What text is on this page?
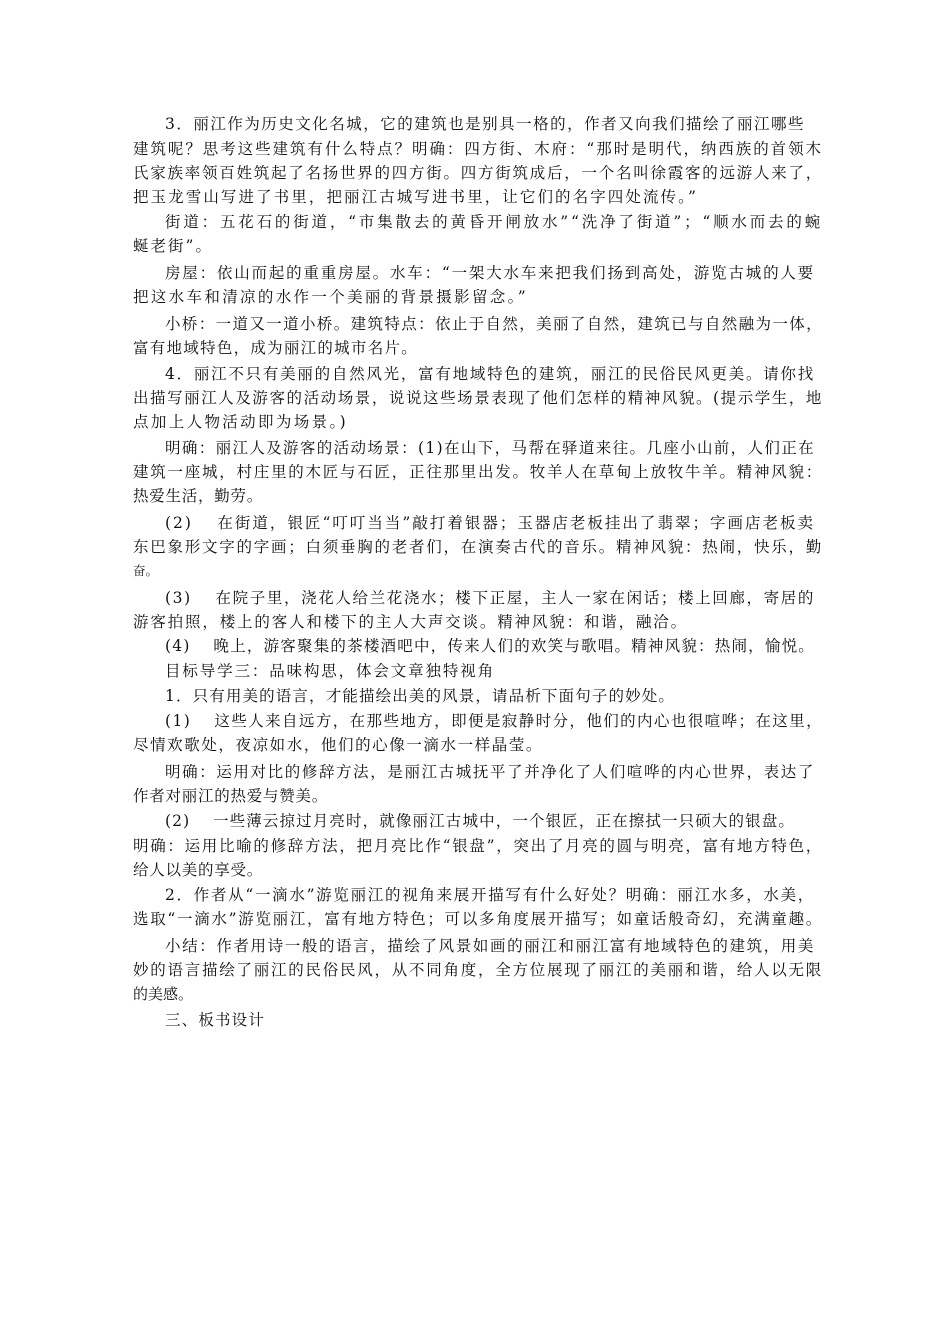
3．丽江作为历史文化名城，它的建筑也是别具一格的，作者又向我们描绘了丽江哪些

建筑呢？思考这些建筑有什么特点？明确：四方街、木府：“那时是明代，纳西族的首领木

氏家族率领百姓筑起了名扬世界的四方街。四方街筑成后，一个名叫徐霞客的远游人来了，

把玉龙雪山写进了书里，把丽江古城写进书里，让它们的名字四处流传。”

街道：五花石的街道，“市集散去的黄昏开闸放水”“洗净了街道”；“顺水而去的蜿

蜒老街”。

房屋：依山而起的重重房屋。水车：“一架大水车来把我们扬到高处，游览古城的人要

把这水车和清凉的水作一个美丽的背景摄影留念。”

小桥：一道又一道小桥。建筑特点：依止于自然，美丽了自然，建筑已与自然融为一体，

富有地域特色，成为丽江的城市名片。

4．丽江不只有美丽的自然风光，富有地域特色的建筑，丽江的民俗民风更美。请你找

出描写丽江人及游客的活动场景，说说这些场景表现了他们怎样的精神风貌。(提示学生，地

点加上人物活动即为场景。)

明确：丽江人及游客的活动场景：(1)在山下，马帮在驿道来往。几座小山前，人们正在

建筑一座城，村庄里的木匠与石匠，正往那里出发。牧羊人在草甸上放牧牛羊。精神风貌：

热爱生活，勤劳。

(2)　 在街道，银匠“叮叮当当”敲打着银器；玉器店老板挂出了翡翠；字画店老板卖

东巴象形文字的字画；白须垂胸的老者们，在演奏古代的音乐。精神风貌：热闹，快乐，勤

奋。

(3)　 在院子里，浇花人给兰花浇水；楼下正屋，主人一家在闲话；楼上回廊，寄居的

游客拍照，楼上的客人和楼下的主人大声交谈。精神风貌：和谐，融洽。

(4)　 晚上，游客聚集的茶楼酒吧中，传来人们的欢笑与歌唱。精神风貌：热闹，愉悦。

目标导学三：品味构思，体会文章独特视角

1．只有用美的语言，才能描绘出美的风景，请品析下面句子的妙处。

(1)　 这些人来自远方，在那些地方，即便是寂静时分，他们的内心也很喧哗；在这里，

尽情欢歌处，夜凉如水，他们的心像一滴水一样晶莹。

明确：运用对比的修辞方法，是丽江古城抚平了并净化了人们喧哗的内心世界，表达了

作者对丽江的热爱与赞美。

(2)　 一些薄云掠过月亮时，就像丽江古城中，一个银匠，正在擦拭一只硕大的银盘。

明确：运用比喻的修辞方法，把月亮比作“银盘”，突出了月亮的圆与明亮，富有地方特色，

给人以美的享受。

2．作者从“一滴水”游览丽江的视角来展开描写有什么好处？明确：丽江水多，水美，

选取“一滴水”游览丽江，富有地方特色；可以多角度展开描写；如童话般奇幻，充满童趣。

小结：作者用诗一般的语言，描绘了风景如画的丽江和丽江富有地域特色的建筑，用美

妙的语言描绘了丽江的民俗民风，从不同角度，全方位展现了丽江的美丽和谐，给人以无限

的美感。

三、板书设计
